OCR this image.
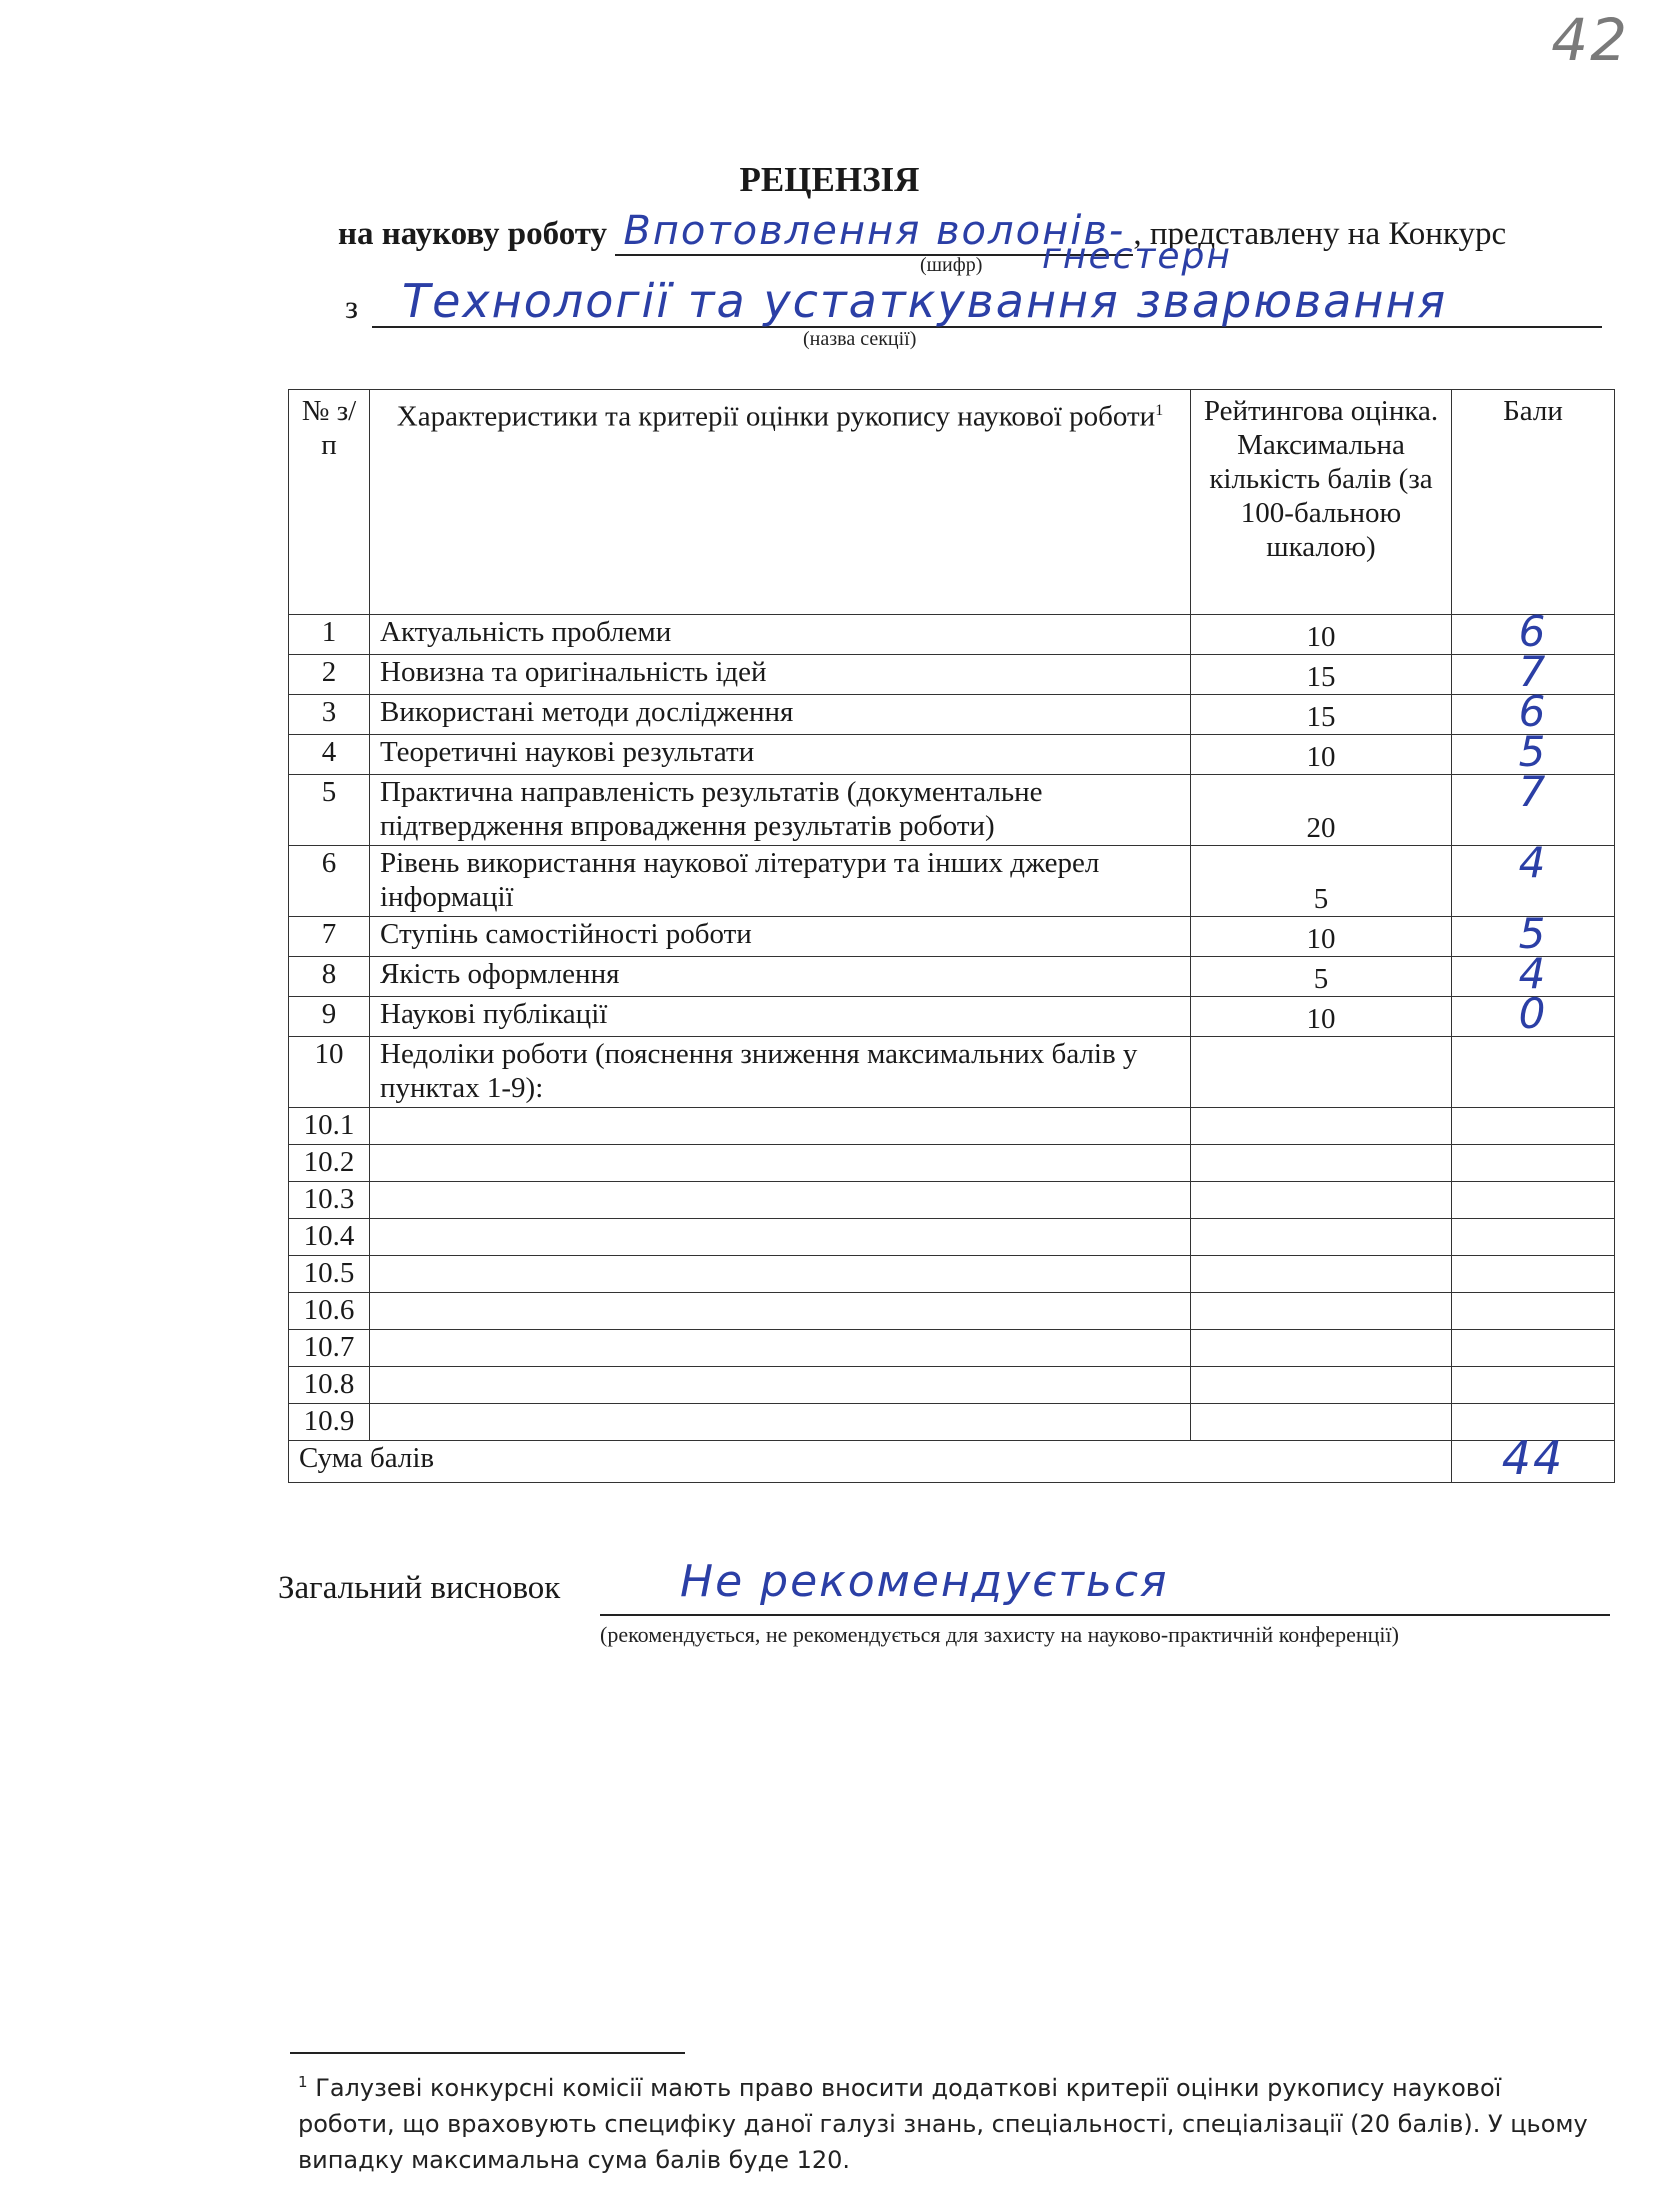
42
РЕЦЕНЗІЯ
на наукову роботу Впотовлення волонів- , представлену на Конкурс
(шифр) гнестерн
з Технології та устаткування зварювання
(назва секції)
№ з/п	Характеристики та критерії оцінки рукопису наукової роботи$^1$	Рейтингова оцінка. Максимальна кількість балів (за 100-бальною шкалою)	Бали
1	Актуальність проблеми	10	6
2	Новизна та оригінальність ідей	15	7
3	Використані методи дослідження	15	6
4	Теоретичні наукові результати	10	5
5	Практична направленість результатів (документальне підтвердження впровадження результатів роботи)	20	7
6	Рівень використання наукової літератури та інших джерел інформації	5	4
7	Ступінь самостійності роботи	10	5
8	Якість оформлення	5	4
9	Наукові публікації	10	0
10	Недоліки роботи (пояснення зниження максимальних балів у пунктах 1-9):		
10.1			
10.2			
10.3			
10.4			
10.5			
10.6			
10.7			
10.8			
10.9			
Сума балів			44
Загальний висновок	Не рекомендується
(рекомендується, не рекомендується для захисту на науково-практичній конференції)
$^1$ Галузеві конкурсні комісії мають право вносити додаткові критерії оцінки рукопису наукової роботи, що враховують специфіку даної галузі знань, спеціальності, спеціалізації (20 балів). У цьому випадку максимальна сума балів буде 120.
